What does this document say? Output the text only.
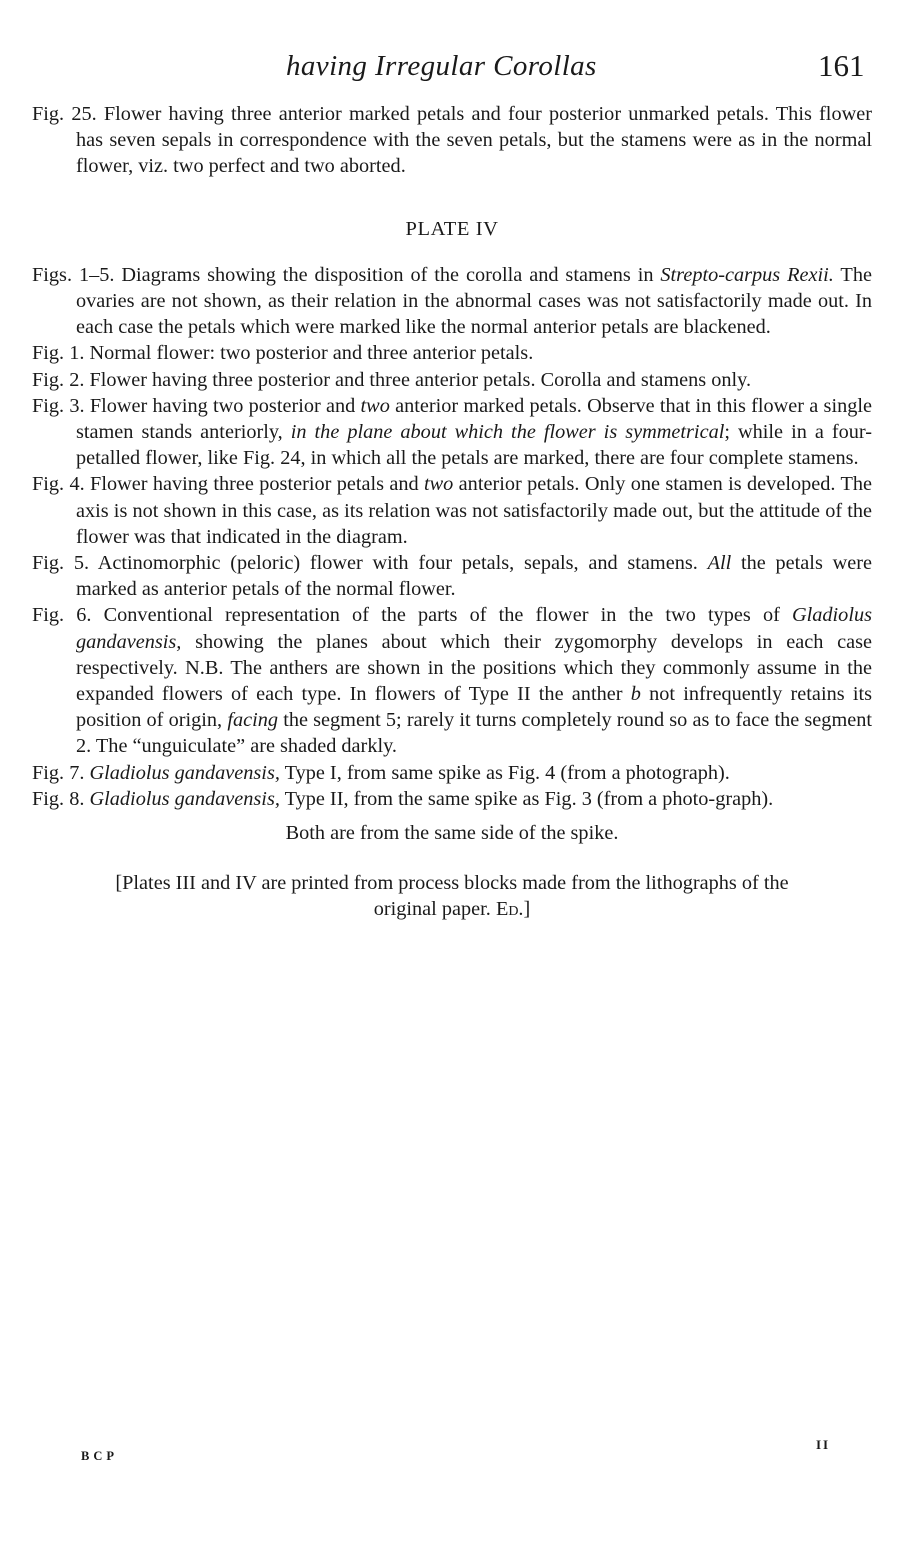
having Irregular Corollas	161

Fig. 25. Flower having three anterior marked petals and four posterior unmarked petals. This flower has seven sepals in correspondence with the seven petals, but the stamens were as in the normal flower, viz. two perfect and two aborted.

PLATE IV

Figs. 1–5. Diagrams showing the disposition of the corolla and stamens in Strepto-carpus Rexii. The ovaries are not shown, as their relation in the abnormal cases was not satisfactorily made out. In each case the petals which were marked like the normal anterior petals are blackened.

Fig. 1. Normal flower: two posterior and three anterior petals.

Fig. 2. Flower having three posterior and three anterior petals. Corolla and stamens only.

Fig. 3. Flower having two posterior and two anterior marked petals. Observe that in this flower a single stamen stands anteriorly, in the plane about which the flower is symmetrical; while in a four-petalled flower, like Fig. 24, in which all the petals are marked, there are four complete stamens.

Fig. 4. Flower having three posterior petals and two anterior petals. Only one stamen is developed. The axis is not shown in this case, as its relation was not satisfactorily made out, but the attitude of the flower was that indicated in the diagram.

Fig. 5. Actinomorphic (peloric) flower with four petals, sepals, and stamens. All the petals were marked as anterior petals of the normal flower.

Fig. 6. Conventional representation of the parts of the flower in the two types of Gladiolus gandavensis, showing the planes about which their zygomorphy develops in each case respectively. N.B. The anthers are shown in the positions which they commonly assume in the expanded flowers of each type. In flowers of Type II the anther b not infrequently retains its position of origin, facing the segment 5; rarely it turns completely round so as to face the segment 2. The “unguiculate” are shaded darkly.

Fig. 7. Gladiolus gandavensis, Type I, from same spike as Fig. 4 (from a photograph).

Fig. 8. Gladiolus gandavensis, Type II, from the same spike as Fig. 3 (from a photo-graph).

Both are from the same side of the spike.

[Plates III and IV are printed from process blocks made from the lithographs of the original paper. Ed.]

BCP
II
